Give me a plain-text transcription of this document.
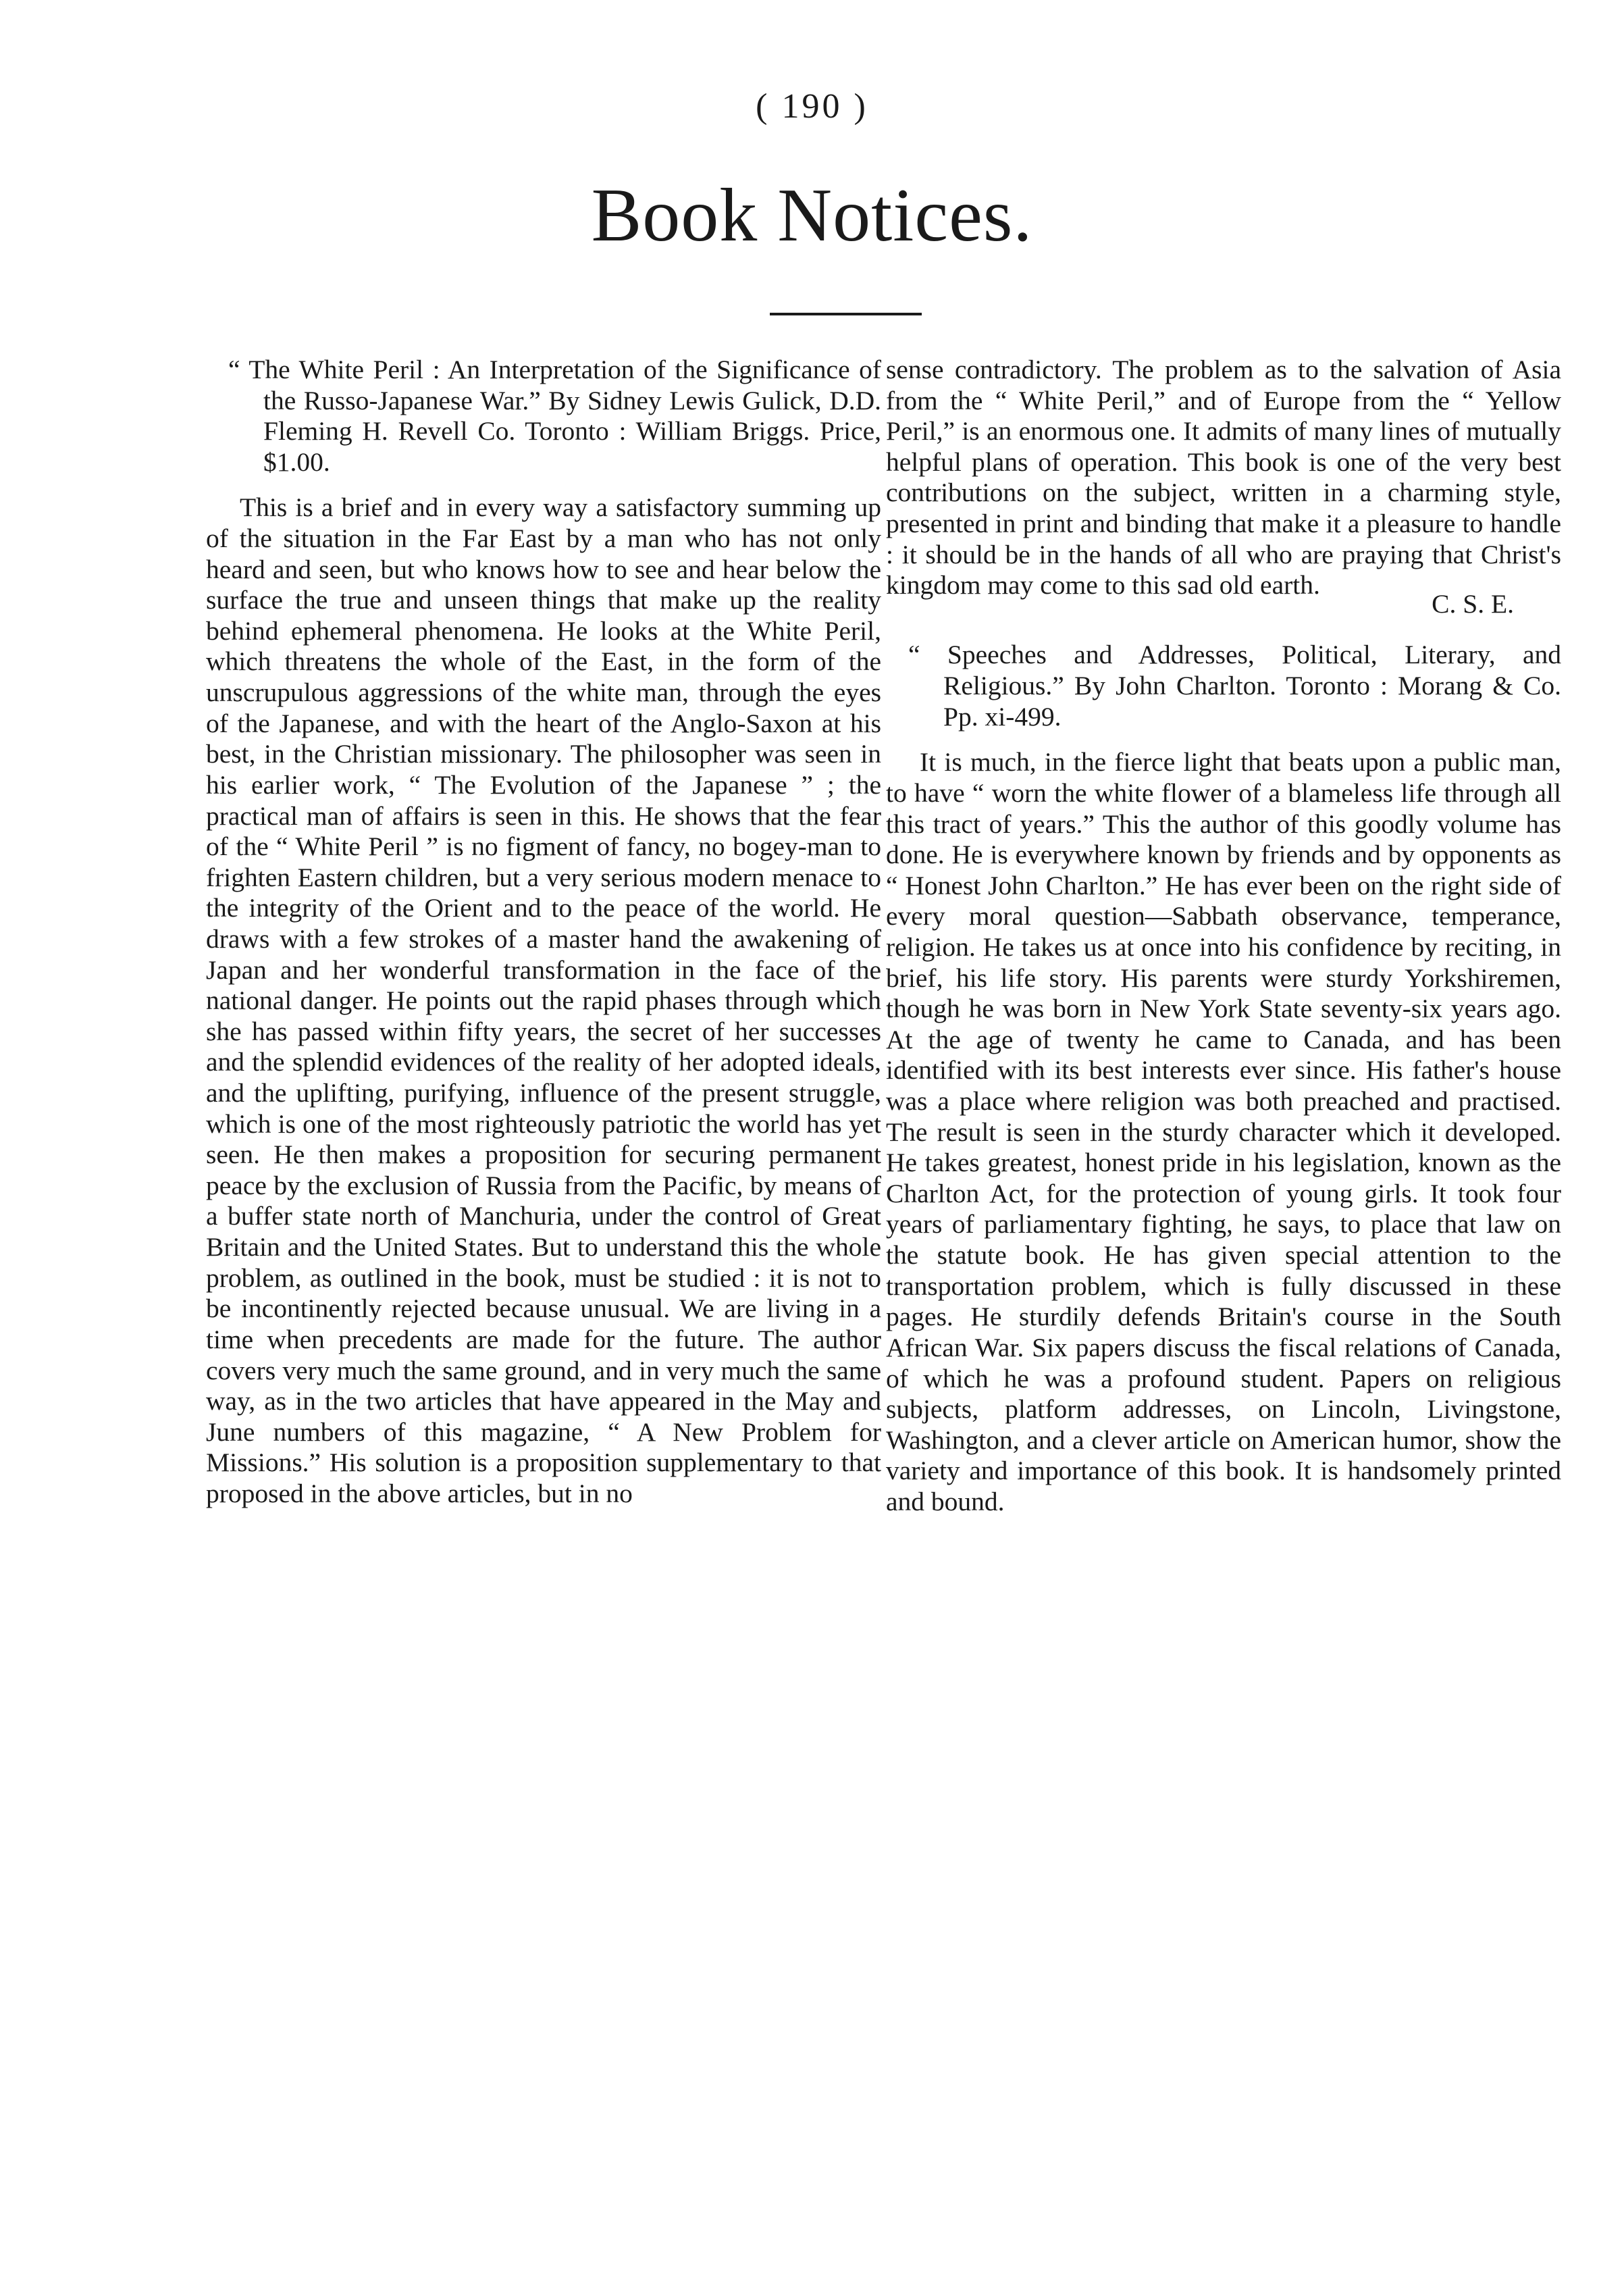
( 190 )
Book Notices.

“ The White Peril : An Interpretation of the Significance of the Russo-Japanese War.” By Sidney Lewis Gulick, D.D. Fleming H. Revell Co. Toronto : William Briggs. Price, $1.00.

This is a brief and in every way a satisfactory summing up of the situation in the Far East by a man who has not only heard and seen, but who knows how to see and hear below the surface the true and unseen things that make up the reality behind ephemeral phenomena. He looks at the White Peril, which threatens the whole of the East, in the form of the unscrupulous aggressions of the white man, through the eyes of the Japanese, and with the heart of the Anglo-Saxon at his best, in the Christian missionary. The philosopher was seen in his earlier work, “ The Evolution of the Japanese ” ; the practical man of affairs is seen in this. He shows that the fear of the “ White Peril ” is no figment of fancy, no bogey-man to frighten Eastern children, but a very serious modern menace to the integrity of the Orient and to the peace of the world. He draws with a few strokes of a master hand the awakening of Japan and her wonderful transformation in the face of the national danger. He points out the rapid phases through which she has passed within fifty years, the secret of her successes and the splendid evidences of the reality of her adopted ideals, and the uplifting, purifying, influence of the present struggle, which is one of the most righteously patriotic the world has yet seen. He then makes a proposition for securing permanent peace by the exclusion of Russia from the Pacific, by means of a buffer state north of Manchuria, under the control of Great Britain and the United States. But to understand this the whole problem, as outlined in the book, must be studied : it is not to be incontinently rejected because unusual. We are living in a time when precedents are made for the future. The author covers very much the same ground, and in very much the same way, as in the two articles that have appeared in the May and June numbers of this magazine, “ A New Problem for Missions.” His solution is a proposition supplementary to that proposed in the above articles, but in no

sense contradictory. The problem as to the salvation of Asia from the “ White Peril,” and of Europe from the “ Yellow Peril,” is an enormous one. It admits of many lines of mutually helpful plans of operation. This book is one of the very best contributions on the subject, written in a charming style, presented in print and binding that make it a pleasure to handle : it should be in the hands of all who are praying that Christ's kingdom may come to this sad old earth.

C. S. E.

“ Speeches and Addresses, Political, Literary, and Religious.” By John Charlton. Toronto : Morang & Co. Pp. xi-499.

It is much, in the fierce light that beats upon a public man, to have “ worn the white flower of a blameless life through all this tract of years.” This the author of this goodly volume has done. He is everywhere known by friends and by opponents as “ Honest John Charlton.” He has ever been on the right side of every moral question—Sabbath observance, temperance, religion. He takes us at once into his confidence by reciting, in brief, his life story. His parents were sturdy Yorkshiremen, though he was born in New York State seventy-six years ago. At the age of twenty he came to Canada, and has been identified with its best interests ever since. His father's house was a place where religion was both preached and practised. The result is seen in the sturdy character which it developed. He takes greatest, honest pride in his legislation, known as the Charlton Act, for the protection of young girls. It took four years of parliamentary fighting, he says, to place that law on the statute book. He has given special attention to the transportation problem, which is fully discussed in these pages. He sturdily defends Britain's course in the South African War. Six papers discuss the fiscal relations of Canada, of which he was a profound student. Papers on religious subjects, platform addresses, on Lincoln, Livingstone, Washington, and a clever article on American humor, show the variety and importance of this book. It is handsomely printed and bound.
